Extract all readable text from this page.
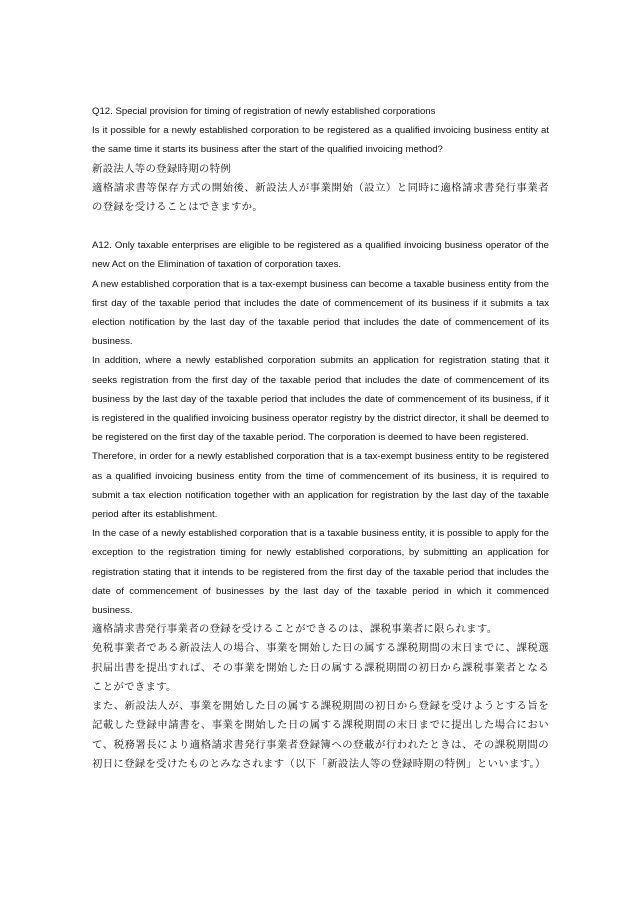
Q12. Special provision for timing of registration of newly established corporations

Is it possible for a newly established corporation to be registered as a qualified invoicing business entity at the same time it starts its business after the start of the qualified invoicing method?

新設法人等の登録時期の特例

適格請求書等保存方式の開始後、新設法人が事業開始（設立）と同時に適格請求書発行事業者の登録を受けることはできますか。

A12. Only taxable enterprises are eligible to be registered as a qualified invoicing business operator of the new Act on the Elimination of taxation of corporation taxes.

A new established corporation that is a tax-exempt business can become a taxable business entity from the first day of the taxable period that includes the date of commencement of its business if it submits a tax election notification by the last day of the taxable period that includes the date of commencement of its business.

In addition, where a newly established corporation submits an application for registration stating that it seeks registration from the first day of the taxable period that includes the date of commencement of its business by the last day of the taxable period that includes the date of commencement of its business, if it is registered in the qualified invoicing business operator registry by the district director, it shall be deemed to be registered on the first day of the taxable period. The corporation is deemed to have been registered.

Therefore, in order for a newly established corporation that is a tax-exempt business entity to be registered as a qualified invoicing business entity from the time of commencement of its business, it is required to submit a tax election notification together with an application for registration by the last day of the taxable period after its establishment.

In the case of a newly established corporation that is a taxable business entity, it is possible to apply for the exception to the registration timing for newly established corporations, by submitting an application for registration stating that it intends to be registered from the first day of the taxable period that includes the date of commencement of businesses by the last day of the taxable period in which it commenced business.

適格請求書発行事業者の登録を受けることができるのは、課税事業者に限られます。

免税事業者である新設法人の場合、事業を開始した日の属する課税期間の末日までに、課税選択届出書を提出すれば、その事業を開始した日の属する課税期間の初日から課税事業者となることができます。

また、新設法人が、事業を開始した日の属する課税期間の初日から登録を受けようとする旨を記載した登録申請書を、事業を開始した日の属する課税期間の末日までに提出した場合において、税務署長により適格請求書発行事業者登録簿への登載が行われたときは、その課税期間の初日に登録を受けたものとみなされます（以下「新設法人等の登録時期の特例」といいます。）
